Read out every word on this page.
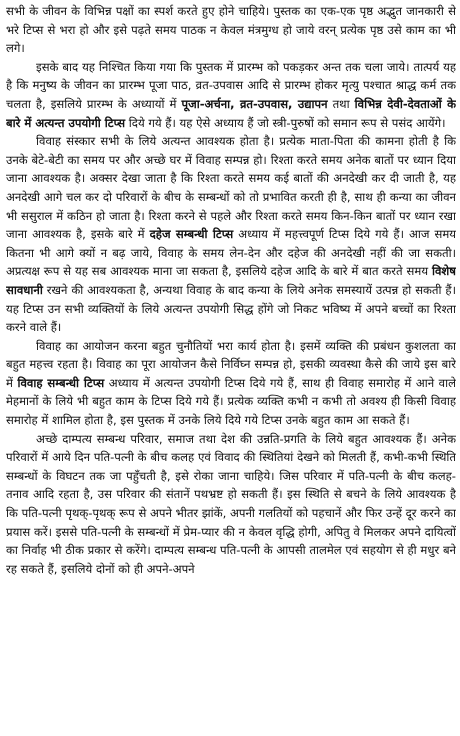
सभी के जीवन के विभिन्न पक्षों का स्पर्श करते हुए होने चाहिये। पुस्तक का एक-एक पृष्ठ अद्भुत जानकारी से भरे टिप्स से भरा हो और इसे पढ़ते समय पाठक न केवल मंत्रमुग्ध हो जाये वरन् प्रत्येक पृष्ठ उसे काम का भी लगे।

इसके बाद यह निश्चित किया गया कि पुस्तक में प्रारम्भ को पकड़कर अन्त तक चला जाये। तात्पर्य यह है कि मनुष्य के जीवन का प्रारम्भ पूजा पाठ, व्रत-उपवास आदि से प्रारम्भ होकर मृत्यु पश्चात श्राद्ध कर्म तक चलता है, इसलिये प्रारम्भ के अध्यायों में पूजा-अर्चना, व्रत-उपवास, उद्यापन तथा विभिन्न देवी-देवताओं के बारे में अत्यन्त उपयोगी टिप्स दिये गये हैं। यह ऐसे अध्याय हैं जो स्त्री-पुरुषों को समान रूप से पसंद आयेंगे।

विवाह संस्कार सभी के लिये अत्यन्त आवश्यक होता है। प्रत्येक माता-पिता की कामना होती है कि उनके बेटे-बेटी का समय पर और अच्छे घर में विवाह सम्पन्न हो। रिश्ता करते समय अनेक बातों पर ध्यान दिया जाना आवश्यक है। अक्सर देखा जाता है कि रिश्ता करते समय कई बातों की अनदेखी कर दी जाती है, यह अनदेखी आगे चल कर दो परिवारों के बीच के सम्बन्धों को तो प्रभावित करती ही है, साथ ही कन्या का जीवन भी ससुराल में कठिन हो जाता है। रिश्ता करने से पहले और रिश्ता करते समय किन-किन बातों पर ध्यान रखा जाना आवश्यक है, इसके बारे में दहेज सम्बन्धी टिप्स अध्याय में महत्त्वपूर्ण टिप्स दिये गये हैं। आज समय कितना भी आगे क्यों न बढ़ जाये, विवाह के समय लेन-देन और दहेज की अनदेखी नहीं की जा सकती। अप्रत्यक्ष रूप से यह सब आवश्यक माना जा सकता है, इसलिये दहेज आदि के बारे में बात करते समय विशेष सावधानी रखने की आवश्यकता है, अन्यथा विवाह के बाद कन्या के लिये अनेक समस्यायें उत्पन्न हो सकती हैं। यह टिप्स उन सभी व्यक्तियों के लिये अत्यन्त उपयोगी सिद्ध होंगे जो निकट भविष्य में अपने बच्चों का रिश्ता करने वाले हैं।

विवाह का आयोजन करना बहुत चुनौतियों भरा कार्य होता है। इसमें व्यक्ति की प्रबंधन कुशलता का बहुत महत्त्व रहता है। विवाह का पूरा आयोजन कैसे निर्विघ्न सम्पन्न हो, इसकी व्यवस्था कैसे की जाये इस बारे में विवाह सम्बन्धी टिप्स अध्याय में अत्यन्त उपयोगी टिप्स दिये गये हैं, साथ ही विवाह समारोह में आने वाले मेहमानों के लिये भी बहुत काम के टिप्स दिये गये हैं। प्रत्येक व्यक्ति कभी न कभी तो अवश्य ही किसी विवाह समारोह में शामिल होता है, इस पुस्तक में उनके लिये दिये गये टिप्स उनके बहुत काम आ सकते हैं।

अच्छे दाम्पत्य सम्बन्ध परिवार, समाज तथा देश की उन्नति-प्रगति के लिये बहुत आवश्यक हैं। अनेक परिवारों में आये दिन पति-पत्नी के बीच कलह एवं विवाद की स्थितियां देखने को मिलती हैं, कभी-कभी स्थिति सम्बन्धों के विघटन तक जा पहुँचती है, इसे रोका जाना चाहिये। जिस परिवार में पति-पत्नी के बीच कलह-तनाव आदि रहता है, उस परिवार की संतानें पथभ्रष्ट हो सकती हैं। इस स्थिति से बचने के लिये आवश्यक है कि पति-पत्नी पृथक्-पृथक् रूप से अपने भीतर झांकें, अपनी गलतियों को पहचानें और फिर उन्हें दूर करने का प्रयास करें। इससे पति-पत्नी के सम्बन्धों में प्रेम-प्यार की न केवल वृद्धि होगी, अपितु वे मिलकर अपने दायित्वों का निर्वाह भी ठीक प्रकार से करेंगे। दाम्पत्य सम्बन्ध पति-पत्नी के आपसी तालमेल एवं सहयोग से ही मधुर बने रह सकते हैं, इसलिये दोनों को ही अपने-अपने
